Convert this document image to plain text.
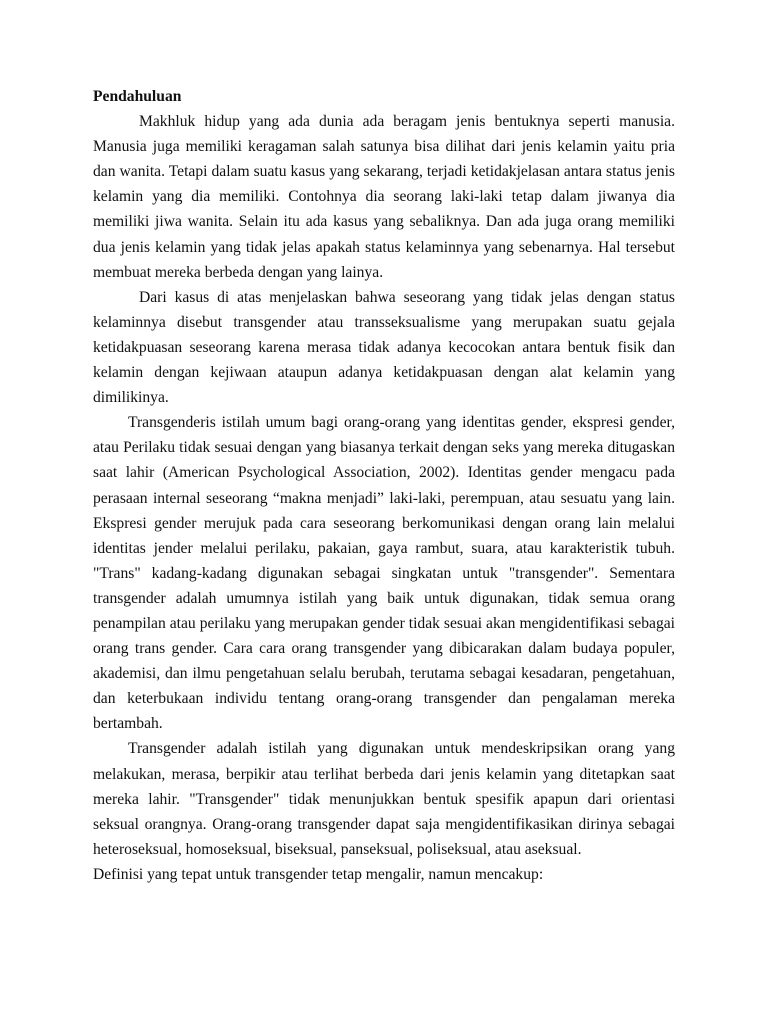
Pendahuluan

Makhluk hidup yang ada dunia ada beragam jenis bentuknya seperti manusia. Manusia juga memiliki keragaman salah satunya bisa dilihat dari jenis kelamin yaitu pria dan wanita. Tetapi dalam suatu kasus yang sekarang, terjadi ketidakjelasan antara status jenis kelamin yang dia memiliki. Contohnya dia seorang laki-laki tetap dalam jiwanya dia memiliki jiwa wanita. Selain itu ada kasus yang sebaliknya. Dan ada juga orang memiliki dua jenis kelamin yang tidak jelas apakah status kelaminnya yang sebenarnya. Hal tersebut membuat mereka berbeda dengan yang lainya.

Dari kasus di atas menjelaskan bahwa seseorang yang tidak jelas dengan status kelaminnya disebut transgender atau transseksualisme yang merupakan suatu gejala ketidakpuasan seseorang karena merasa tidak adanya kecocokan antara bentuk fisik dan kelamin dengan kejiwaan ataupun adanya ketidakpuasan dengan alat kelamin yang dimilikinya.

Transgenderis istilah umum bagi orang-orang yang identitas gender, ekspresi gender, atau Perilaku tidak sesuai dengan yang biasanya terkait dengan seks yang mereka ditugaskan saat lahir (American Psychological Association, 2002). Identitas gender mengacu pada perasaan internal seseorang “makna menjadi” laki-laki, perempuan, atau sesuatu yang lain. Ekspresi gender merujuk pada cara seseorang berkomunikasi dengan orang lain melalui identitas jender melalui perilaku, pakaian, gaya rambut, suara, atau karakteristik tubuh. "Trans" kadang-kadang digunakan sebagai singkatan untuk "transgender". Sementara transgender adalah umumnya istilah yang baik untuk digunakan, tidak semua orang penampilan atau perilaku yang merupakan gender tidak sesuai akan mengidentifikasi sebagai orang trans gender. Cara cara orang transgender yang dibicarakan dalam budaya populer, akademisi, dan ilmu pengetahuan selalu berubah, terutama sebagai kesadaran, pengetahuan, dan keterbukaan individu tentang orang-orang transgender dan pengalaman mereka bertambah.

Transgender adalah istilah yang digunakan untuk mendeskripsikan orang yang melakukan, merasa, berpikir atau terlihat berbeda dari jenis kelamin yang ditetapkan saat mereka lahir. "Transgender" tidak menunjukkan bentuk spesifik apapun dari orientasi seksual orangnya. Orang-orang transgender dapat saja mengidentifikasikan dirinya sebagai heteroseksual, homoseksual, biseksual, panseksual, poliseksual, atau aseksual.

Definisi yang tepat untuk transgender tetap mengalir, namun mencakup:
